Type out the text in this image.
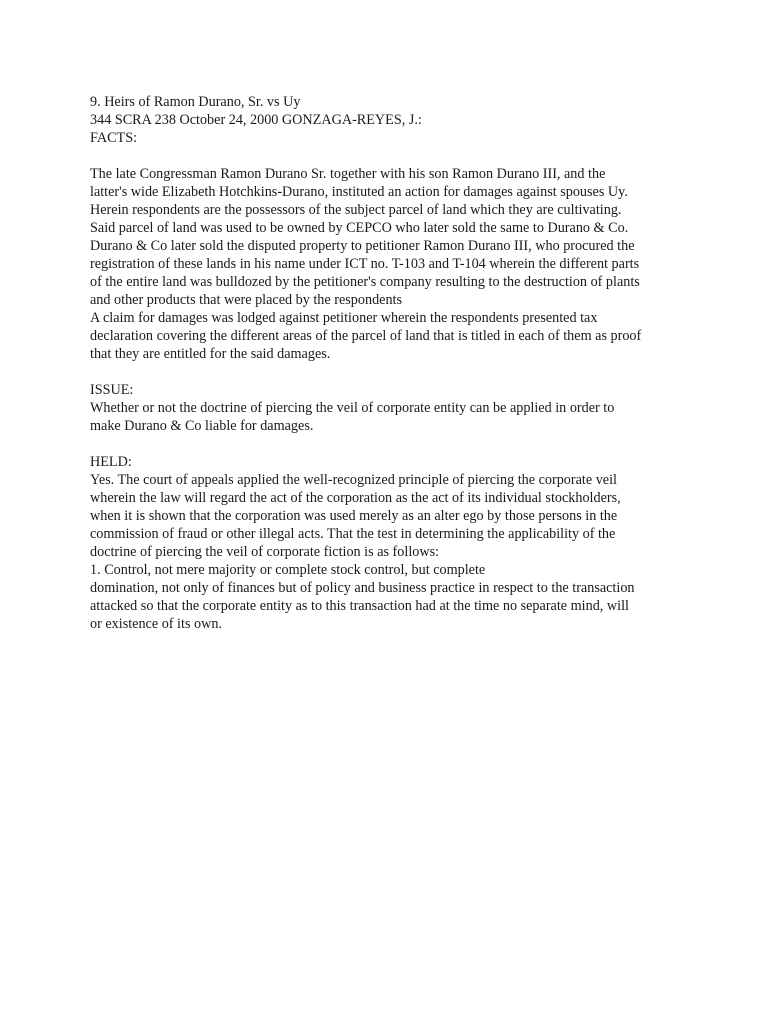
9. Heirs of Ramon Durano, Sr. vs Uy
344 SCRA 238 October 24, 2000 GONZAGA-REYES, J.:
FACTS:
The late Congressman Ramon Durano Sr. together with his son Ramon Durano III, and the
latter's wide Elizabeth Hotchkins-Durano, instituted an action for damages against spouses Uy.
Herein respondents are the possessors of the subject parcel of land which they are cultivating.
Said parcel of land was used to be owned by CEPCO who later sold the same to Durano & Co.
Durano & Co later sold the disputed property to petitioner Ramon Durano III, who procured the
registration of these lands in his name under ICT no. T-103 and T-104 wherein the different parts
of the entire land was bulldozed by the petitioner's company resulting to the destruction of plants
and other products that were placed by the respondents
A claim for damages was lodged against petitioner wherein the respondents presented tax
declaration covering the different areas of the parcel of land that is titled in each of them as proof
that they are entitled for the said damages.
ISSUE:
Whether or not the doctrine of piercing the veil of corporate entity can be applied in order to
make Durano & Co liable for damages.
HELD:
Yes. The court of appeals applied the well-recognized principle of piercing the corporate veil
wherein the law will regard the act of the corporation as the act of its individual stockholders,
when it is shown that the corporation was used merely as an alter ego by those persons in the
commission of fraud or other illegal acts. That the test in determining the applicability of the
doctrine of piercing the veil of corporate fiction is as follows:
1. Control, not mere majority or complete stock control, but complete
domination, not only of finances but of policy and business practice in respect to the transaction
attacked so that the corporate entity as to this transaction had at the time no separate mind, will
or existence of its own.
